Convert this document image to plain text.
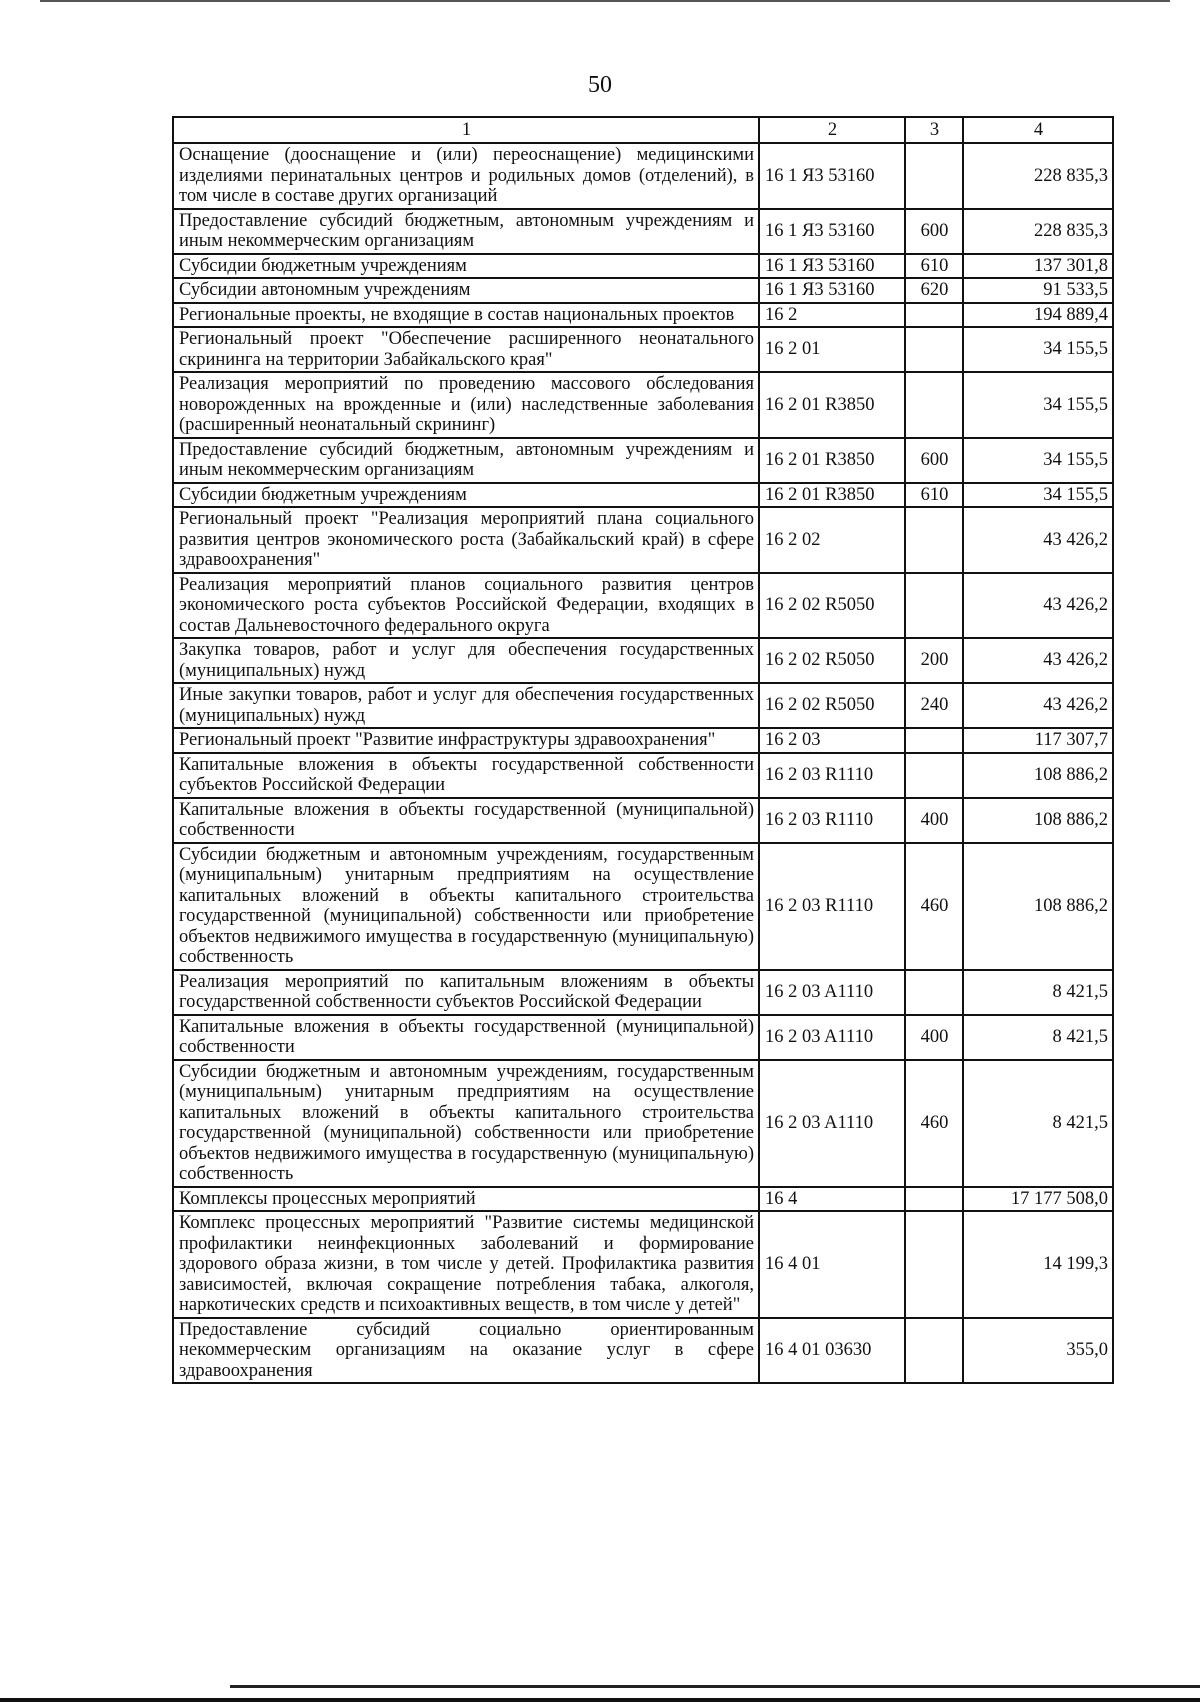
50
1	2	3	4
Оснащение (дооснащение и (или) переоснащение) медицинскими изделиями перинатальных центров и родильных домов (отделений), в том числе в составе других организаций	16 1 Я3 53160		228 835,3
Предоставление субсидий бюджетным, автономным учреждениям и иным некоммерческим организациям	16 1 Я3 53160	600	228 835,3
Субсидии бюджетным учреждениям	16 1 Я3 53160	610	137 301,8
Субсидии автономным учреждениям	16 1 Я3 53160	620	91 533,5
Региональные проекты, не входящие в состав национальных проектов	16 2		194 889,4
Региональный проект "Обеспечение расширенного неонатального скрининга на территории Забайкальского края"	16 2 01		34 155,5
Реализация мероприятий по проведению массового обследования новорожденных на врожденные и (или) наследственные заболевания (расширенный неонатальный скрининг)	16 2 01 R3850		34 155,5
Предоставление субсидий бюджетным, автономным учреждениям и иным некоммерческим организациям	16 2 01 R3850	600	34 155,5
Субсидии бюджетным учреждениям	16 2 01 R3850	610	34 155,5
Региональный проект "Реализация мероприятий плана социального развития центров экономического роста (Забайкальский край) в сфере здравоохранения"	16 2 02		43 426,2
Реализация мероприятий планов социального развития центров экономического роста субъектов Российской Федерации, входящих в состав Дальневосточного федерального округа	16 2 02 R5050		43 426,2
Закупка товаров, работ и услуг для обеспечения государственных (муниципальных) нужд	16 2 02 R5050	200	43 426,2
Иные закупки товаров, работ и услуг для обеспечения государственных (муниципальных) нужд	16 2 02 R5050	240	43 426,2
Региональный проект "Развитие инфраструктуры здравоохранения"	16 2 03		117 307,7
Капитальные вложения в объекты государственной собственности субъектов Российской Федерации	16 2 03 R1110		108 886,2
Капитальные вложения в объекты государственной (муниципальной) собственности	16 2 03 R1110	400	108 886,2
Субсидии бюджетным и автономным учреждениям, государственным (муниципальным) унитарным предприятиям на осуществление капитальных вложений в объекты капитального строительства государственной (муниципальной) собственности или приобретение объектов недвижимого имущества в государственную (муниципальную) собственность	16 2 03 R1110	460	108 886,2
Реализация мероприятий по капитальным вложениям в объекты государственной собственности субъектов Российской Федерации	16 2 03 A1110		8 421,5
Капитальные вложения в объекты государственной (муниципальной) собственности	16 2 03 A1110	400	8 421,5
Субсидии бюджетным и автономным учреждениям, государственным (муниципальным) унитарным предприятиям на осуществление капитальных вложений в объекты капитального строительства государственной (муниципальной) собственности или приобретение объектов недвижимого имущества в государственную (муниципальную) собственность	16 2 03 A1110	460	8 421,5
Комплексы процессных мероприятий	16 4		17 177 508,0
Комплекс процессных мероприятий "Развитие системы медицинской профилактики неинфекционных заболеваний и формирование здорового образа жизни, в том числе у детей. Профилактика развития зависимостей, включая сокращение потребления табака, алкоголя, наркотических средств и психоактивных веществ, в том числе у детей"	16 4 01		14 199,3
Предоставление субсидий социально ориентированным некоммерческим организациям на оказание услуг в сфере здравоохранения	16 4 01 03630		355,0
